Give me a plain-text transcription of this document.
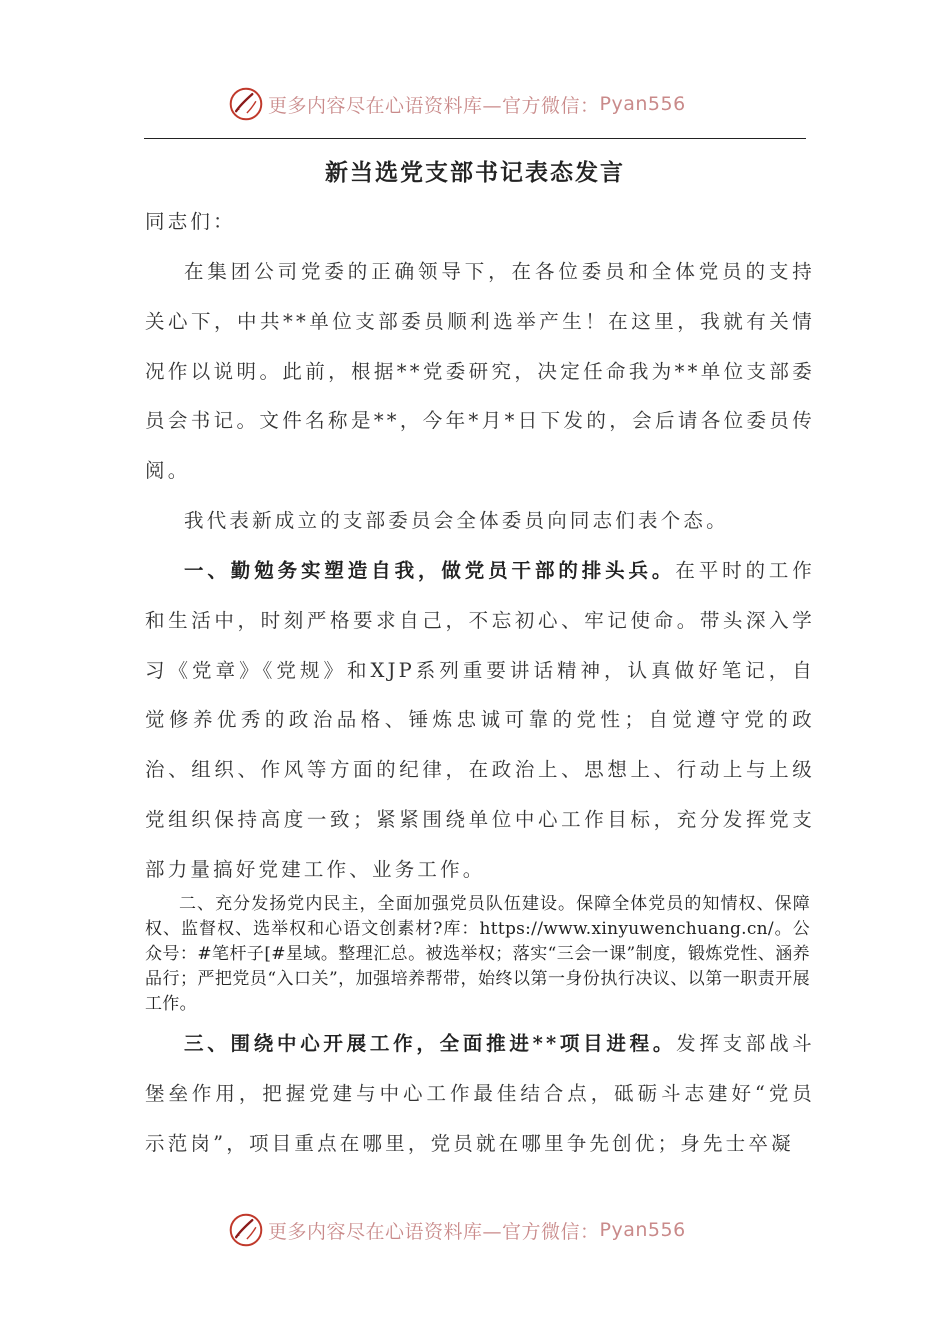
更多内容尽在心语资料库—官方微信： Pyan556
新当选党支部书记表态发言

同志们：

在集团公司党委的正确领导下，在各位委员和全体党员的支持关心下，中共**单位支部委员顺利选举产生！在这里，我就有关情况作以说明。此前，根据**党委研究，决定任命我为**单位支部委员会书记。文件名称是**，今年*月*日下发的，会后请各位委员传阅。

我代表新成立的支部委员会全体委员向同志们表个态。

一、勤勉务实塑造自我，做党员干部的排头兵。在平时的工作和生活中，时刻严格要求自己，不忘初心、牢记使命。带头深入学习《党章》《党规》和XJP系列重要讲话精神，认真做好笔记，自觉修养优秀的政治品格、锤炼忠诚可靠的党性；自觉遵守党的政治、组织、作风等方面的纪律，在政治上、思想上、行动上与上级党组织保持高度一致；紧紧围绕单位中心工作目标，充分发挥党支部力量搞好党建工作、业务工作。

二、充分发扬党内民主，全面加强党员队伍建设。保障全体党员的知情权、保障权、监督权、选举权和心语文创素材?库：https://www.xinyuwenchuang.cn/。公众号：#笔杆子[#星域。整理汇总。被选举权；落实“三会一课”制度，锻炼党性、涵养品行；严把党员“入口关”，加强培养帮带，始终以第一身份执行决议、以第一职责开展工作。

三、围绕中心开展工作，全面推进**项目进程。发挥支部战斗堡垒作用，把握党建与中心工作最佳结合点，砥砺斗志建好“党员示范岗”，项目重点在哪里，党员就在哪里争先创优；身先士卒凝

更多内容尽在心语资料库—官方微信： Pyan556
